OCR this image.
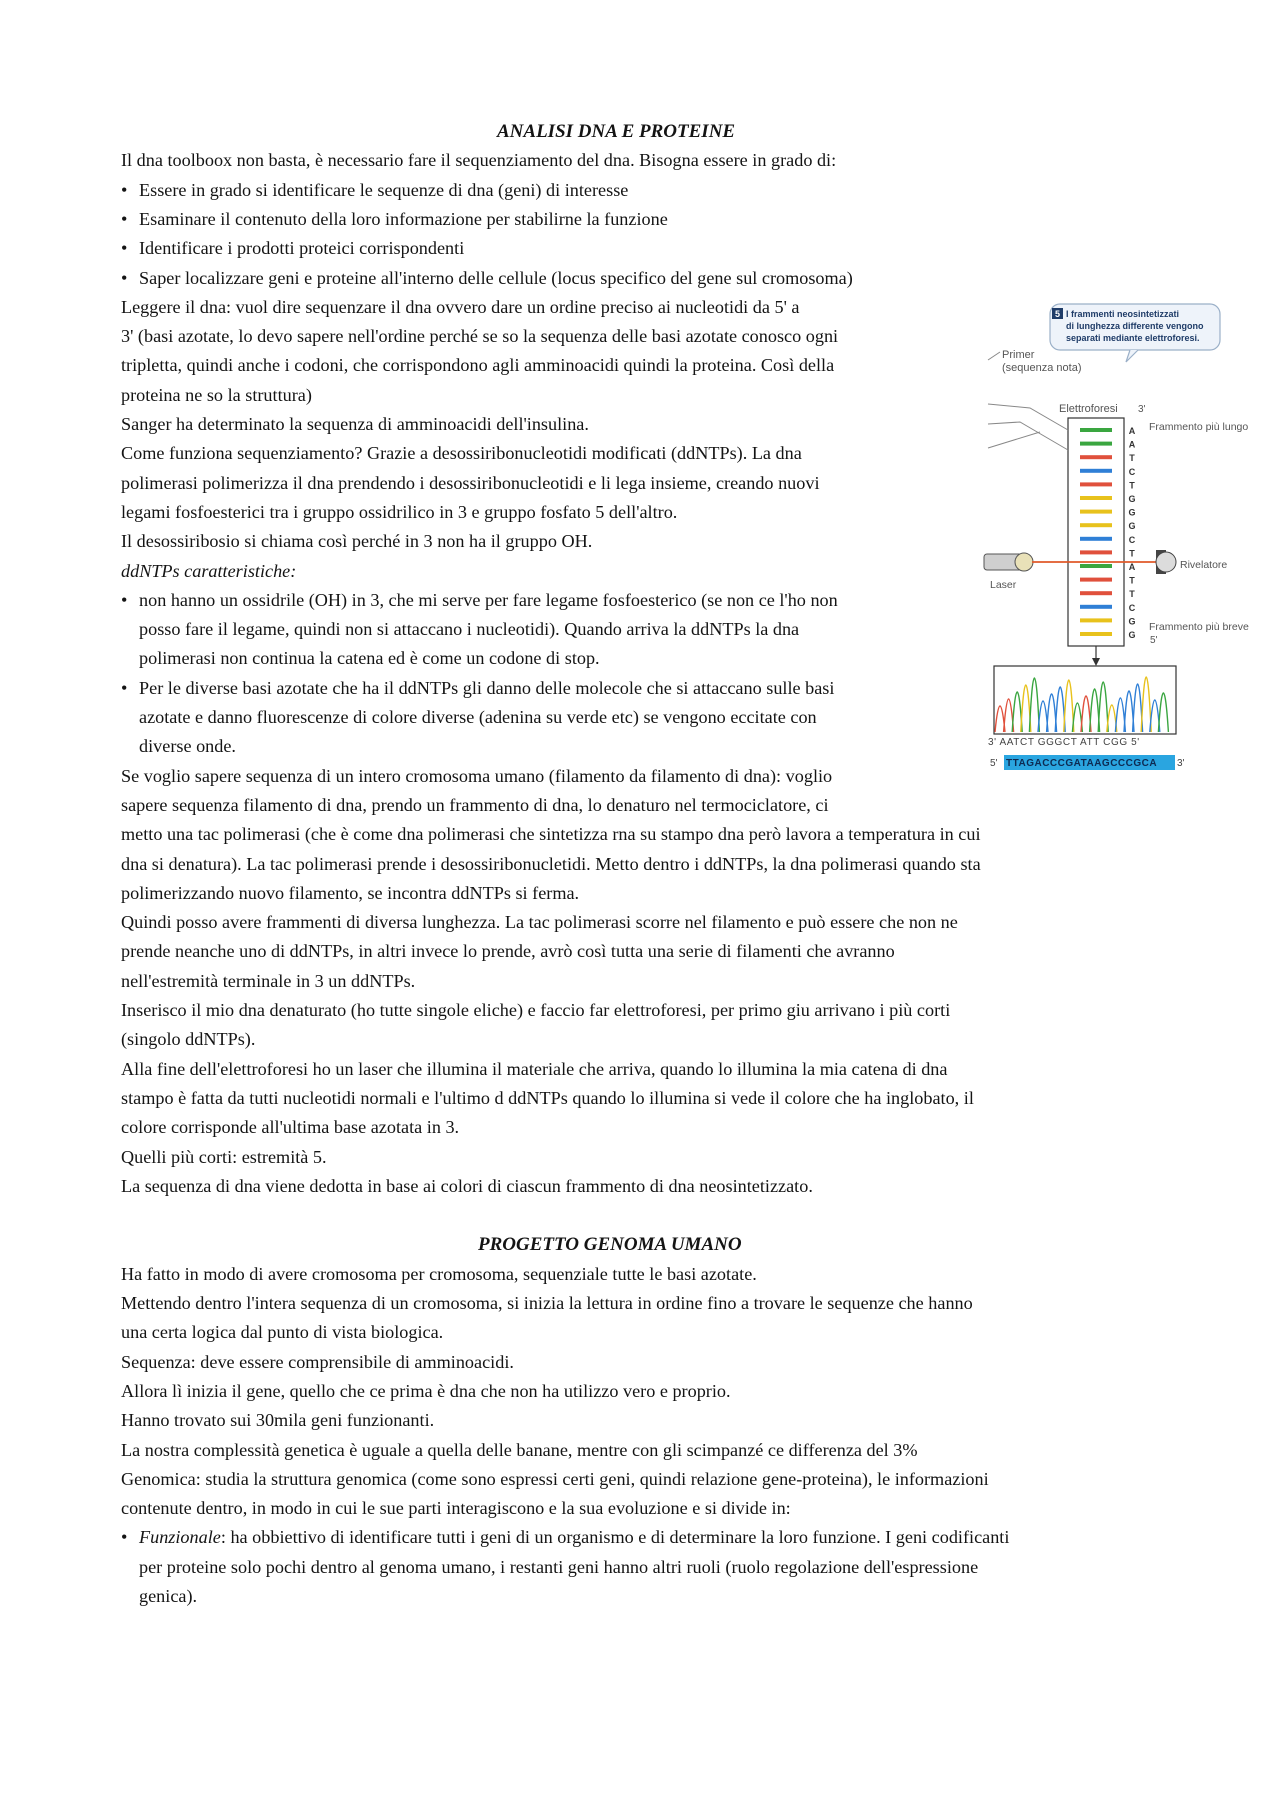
ANALISI DNA E PROTEINE
Il dna toolboox non basta, è necessario fare il sequenziamento del dna. Bisogna essere in grado di:
• Essere in grado si identificare le sequenze di dna (geni) di interesse
• Esaminare il contenuto della loro informazione per stabilirne la funzione
• Identificare i prodotti proteici corrispondenti
• Saper localizzare geni e proteine all'interno delle cellule (locus specifico del gene sul cromosoma)
Leggere il dna: vuol dire sequenzare il dna ovvero dare un ordine preciso ai nucleotidi da 5' a
3' (basi azotate, lo devo sapere nell'ordine perché se so la sequenza delle basi azotate conosco ogni
tripletta, quindi anche i codoni, che corrispondono agli amminoacidi quindi la proteina. Così della
proteina ne so la struttura)
Sanger ha determinato la sequenza di amminoacidi dell'insulina.
Come funziona sequenziamento? Grazie a desossiribonucleotidi modificati (ddNTPs). La dna
polimerasi polimerizza il dna prendendo i desossiribonucleotidi e li lega insieme, creando nuovi
legami fosfoesterici tra i gruppo ossidrilico in 3 e gruppo fosfato 5 dell'altro.
Il desossiribosio si chiama così perché in 3 non ha il gruppo OH.
ddNTPs caratteristiche:
• non hanno un ossidrile (OH) in 3, che mi serve per fare legame fosfoesterico (se non ce l'ho non
posso fare il legame, quindi non si attaccano i nucleotidi). Quando arriva la ddNTPs la dna
polimerasi non continua la catena ed è come un codone di stop.
• Per le diverse basi azotate che ha il ddNTPs gli danno delle molecole che si attaccano sulle basi
azotate e danno fluorescenze di colore diverse (adenina su verde etc) se vengono eccitate con
diverse onde.
Se voglio sapere sequenza di un intero cromosoma umano (filamento da filamento di dna): voglio
sapere sequenza filamento di dna, prendo un frammento di dna, lo denaturo nel termociclatore, ci
metto una tac polimerasi (che è come dna polimerasi che sintetizza rna su stampo dna però lavora a temperatura in cui
dna si denatura). La tac polimerasi prende i desossiribonucletidi. Metto dentro i ddNTPs, la dna polimerasi quando sta
polimerizzando nuovo filamento, se incontra ddNTPs si ferma.
Quindi posso avere frammenti di diversa lunghezza. La tac polimerasi scorre nel filamento e può essere che non ne
prende neanche uno di ddNTPs, in altri invece lo prende, avrò così tutta una serie di filamenti che avranno
nell'estremità terminale in 3 un ddNTPs.
Inserisco il mio dna denaturato (ho tutte singole eliche) e faccio far elettroforesi, per primo giu arrivano i più corti
(singolo ddNTPs).
Alla fine dell'elettroforesi ho un laser che illumina il materiale che arriva, quando lo illumina la mia catena di dna
stampo è fatta da tutti nucleotidi normali e l'ultimo d ddNTPs quando lo illumina si vede il colore che ha inglobato, il
colore corrisponde all'ultima base azotata in 3.
Quelli più corti: estremità 5.
La sequenza di dna viene dedotta in base ai colori di ciascun frammento di dna neosintetizzato.
PROGETTO GENOMA UMANO
Ha fatto in modo di avere cromosoma per cromosoma, sequenziale tutte le basi azotate.
Mettendo dentro l'intera sequenza di un cromosoma, si inizia la lettura in ordine fino a trovare le sequenze che hanno
una certa logica dal punto di vista biologica.
Sequenza: deve essere comprensibile di amminoacidi.
Allora lì inizia il gene, quello che ce prima è dna che non ha utilizzo vero e proprio.
Hanno trovato sui 30mila geni funzionanti.
La nostra complessità genetica è uguale a quella delle banane, mentre con gli scimpanzé ce differenza del 3%
Genomica: studia la struttura genomica (come sono espressi certi geni, quindi relazione gene-proteina), le informazioni
contenute dentro, in modo in cui le sue parti interagiscono e la sua evoluzione e si divide in:
• Funzionale: ha obbiettivo di identificare tutti i geni di un organismo e di determinare la loro funzione. I geni codificanti
per proteine solo pochi dentro al genoma umano, i restanti geni hanno altri ruoli (ruolo regolazione dell'espressione
genica).
5 I frammenti neosintetizzati
di lunghezza differente vengono
separati mediante elettroforesi.
Primer
(sequenza nota)
Elettroforesi 3'
Frammento più lungo
A
A
T
C
T
G
G
G
C
T
A
T
T
C
G
G
Laser
Rivelatore
Frammento più breve
5'
3' AATCT GGGCT ATT CGG 5'
5' TTAGACCCGATAAGCCCGCA 3'
